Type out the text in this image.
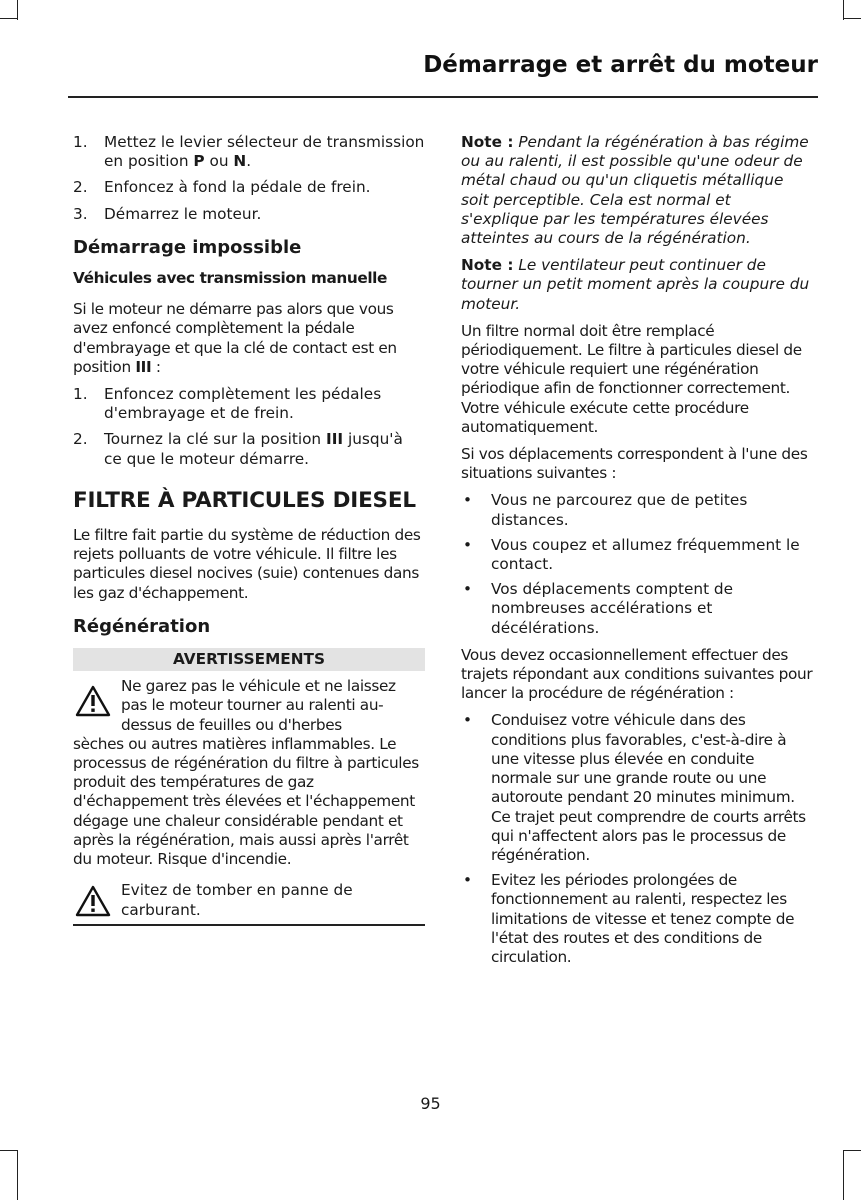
Démarrage et arrêt du moteur
1. Mettez le levier sélecteur de transmission en position P ou N.
2. Enfoncez à fond la pédale de frein.
3. Démarrez le moteur.
Démarrage impossible
Véhicules avec transmission manuelle

Si le moteur ne démarre pas alors que vous avez enfoncé complètement la pédale d'embrayage et que la clé de contact est en position III :

1. Enfoncez complètement les pédales d'embrayage et de frein.
2. Tournez la clé sur la position III jusqu'à ce que le moteur démarre.
FILTRE À PARTICULES DIESEL

Le filtre fait partie du système de réduction des rejets polluants de votre véhicule. Il filtre les particules diesel nocives (suie) contenues dans les gaz d'échappement.

Régénération
AVERTISSEMENTS
Ne garez pas le véhicule et ne laissez pas le moteur tourner au ralenti au-dessus de feuilles ou d'herbes
sèches ou autres matières inflammables. Le processus de régénération du filtre à particules produit des températures de gaz d'échappement très élevées et l'échappement dégage une chaleur considérable pendant et après la régénération, mais aussi après l'arrêt du moteur. Risque d'incendie.
Evitez de tomber en panne de carburant.

Note : Pendant la régénération à bas régime ou au ralenti, il est possible qu'une odeur de métal chaud ou qu'un cliquetis métallique soit perceptible. Cela est normal et s'explique par les températures élevées atteintes au cours de la régénération.

Note : Le ventilateur peut continuer de tourner un petit moment après la coupure du moteur.

Un filtre normal doit être remplacé périodiquement. Le filtre à particules diesel de votre véhicule requiert une régénération périodique afin de fonctionner correctement. Votre véhicule exécute cette procédure automatiquement.

Si vos déplacements correspondent à l'une des situations suivantes :

• Vous ne parcourez que de petites distances.
• Vous coupez et allumez fréquemment le contact.
• Vos déplacements comptent de nombreuses accélérations et décélérations.

Vous devez occasionnellement effectuer des trajets répondant aux conditions suivantes pour lancer la procédure de régénération :

• Conduisez votre véhicule dans des conditions plus favorables, c'est-à-dire à une vitesse plus élevée en conduite normale sur une grande route ou une autoroute pendant 20 minutes minimum. Ce trajet peut comprendre de courts arrêts qui n'affectent alors pas le processus de régénération.
• Evitez les périodes prolongées de fonctionnement au ralenti, respectez les limitations de vitesse et tenez compte de l'état des routes et des conditions de circulation.
95
